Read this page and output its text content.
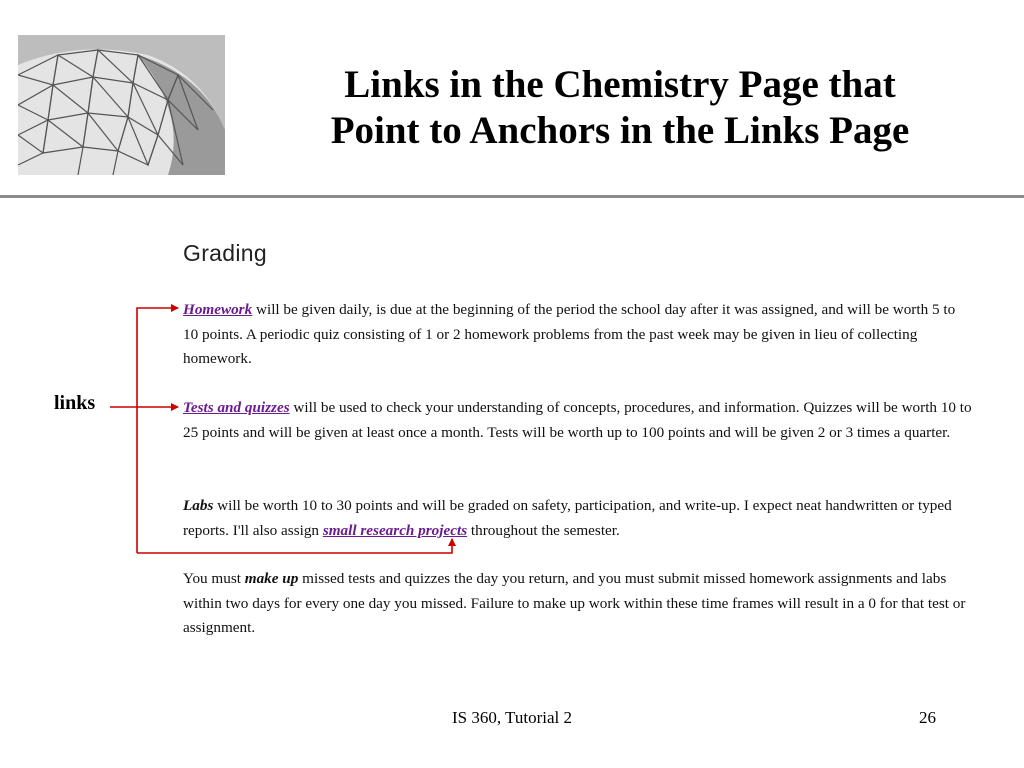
Links in the Chemistry Page that
Point to Anchors in the Links Page
Grading
Homework will be given daily, is due at the beginning of the period the school day after it was assigned, and will be worth 5 to 10 points. A periodic quiz consisting of 1 or 2 homework problems from the past week may be given in lieu of collecting homework.
Tests and quizzes will be used to check your understanding of concepts, procedures, and information. Quizzes will be worth 10 to 25 points and will be given at least once a month. Tests will be worth up to 100 points and will be given 2 or 3 times a quarter.
Labs will be worth 10 to 30 points and will be graded on safety, participation, and write-up. I expect neat handwritten or typed reports. I'll also assign small research projects throughout the semester.
You must make up missed tests and quizzes the day you return, and you must submit missed homework assignments and labs within two days for every one day you missed. Failure to make up work within these time frames will result in a 0 for that test or assignment.
links
IS 360, Tutorial 2	26
